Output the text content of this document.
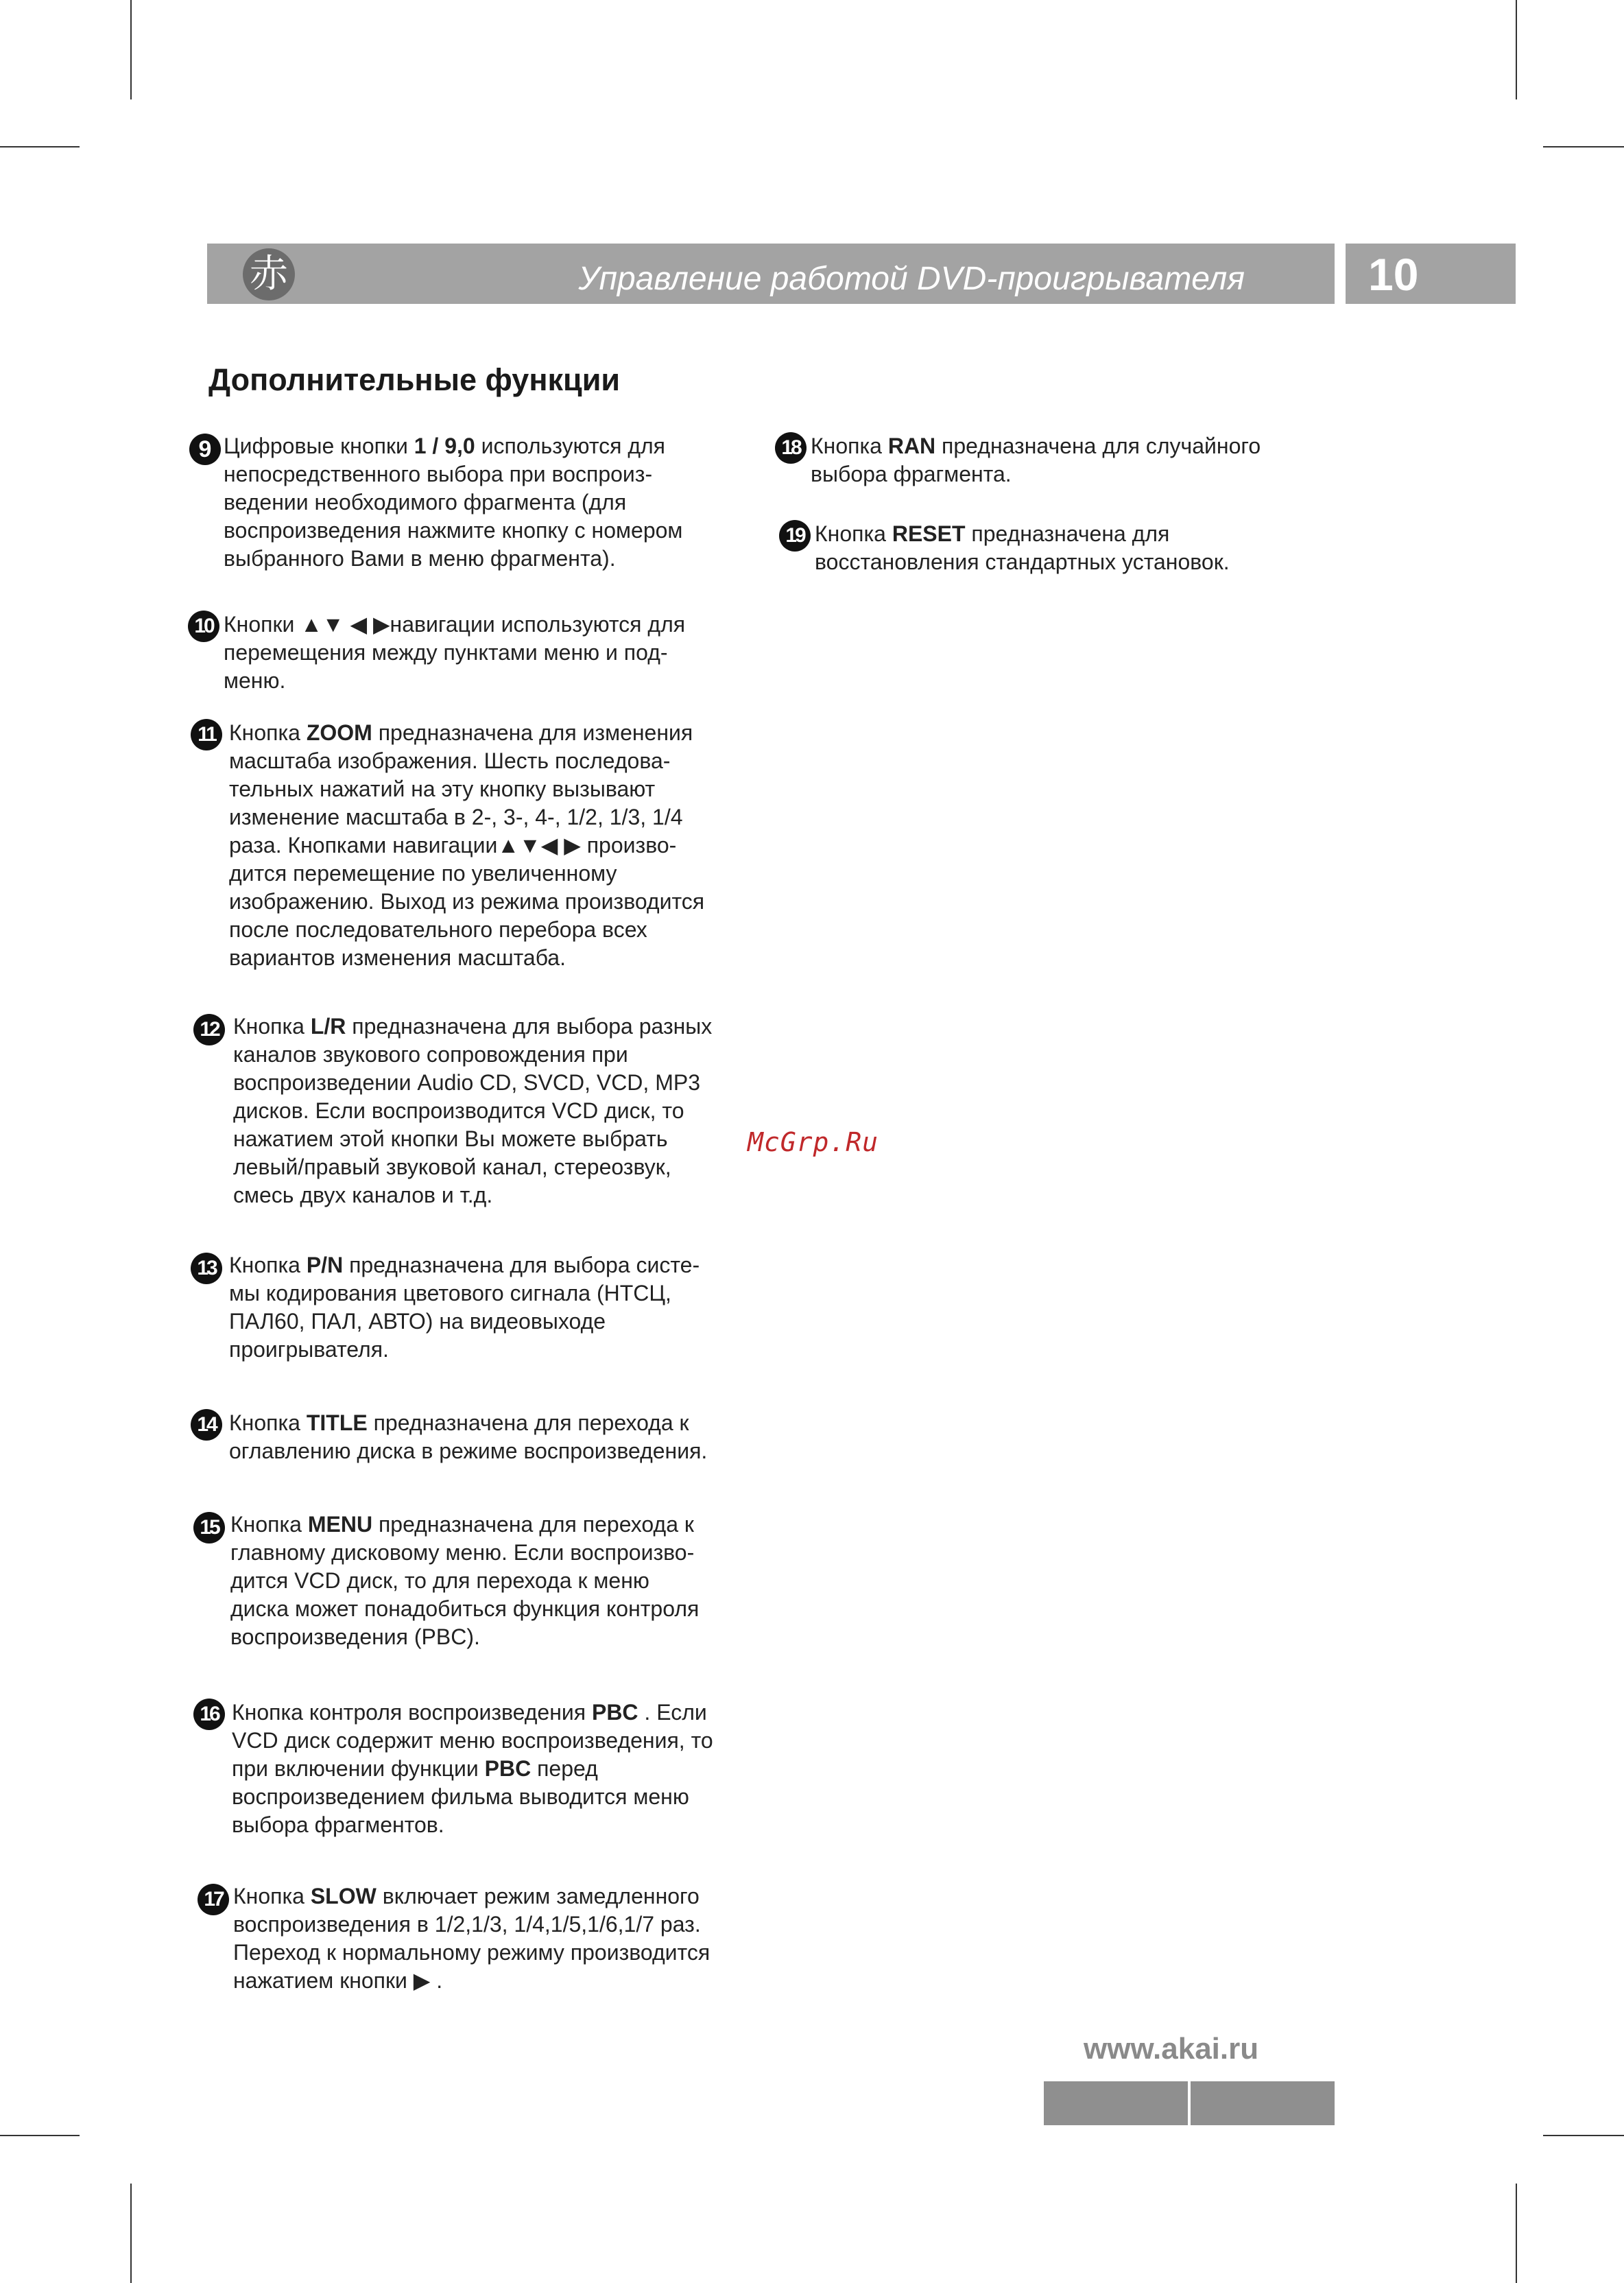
赤	Управление работой DVD-проигрывателя	10
Дополнительные функции
9 Цифровые кнопки 1 / 9,0 используются для
непосредственного выбора при воспроиз-
ведении необходимого фрагмента (для
воспроизведения нажмите кнопку с номером
выбранного Вами в меню фрагмента).
10 Кнопки ▲▼ ◀ ▶навигации используются для
перемещения между пунктами меню и под-
меню.
11 Кнопка ZOOM предназначена для изменения
масштаба изображения. Шесть последова-
тельных нажатий на эту кнопку вызывают
изменение масштаба в 2-, 3-, 4-, 1/2, 1/3, 1/4
раза. Кнопками навигации▲▼◀ ▶ произво-
дится перемещение по увеличенному
изображению. Выход из режима производится
после последовательного перебора всех
вариантов изменения масштаба.
12 Кнопка L/R предназначена для выбора разных
каналов звукового сопровождения при
воспроизведении Audio CD, SVCD, VCD, MP3
дисков. Если воспроизводится VCD диск, то
нажатием этой кнопки Вы можете выбрать
левый/правый звуковой канал, стереозвук,
смесь двух каналов и т.д.
13 Кнопка P/N предназначена для выбора систе-
мы кодирования цветового сигнала (НТСЦ,
ПАЛ60, ПАЛ, АВТО) на видеовыходе
проигрывателя.
14 Кнопка TITLE предназначена для перехода к
оглавлению диска в режиме воспроизведения.
15 Кнопка MENU предназначена для перехода к
главному дисковому меню. Если воспроизво-
дится VCD диск, то для перехода к меню
диска может понадобиться функция контроля
воспроизведения (PBC).
16 Кнопка контроля воспроизведения PBC . Если
VCD диск содержит меню воспроизведения, то
при включении функции PBC перед
воспроизведением фильма выводится меню
выбора фрагментов.
17 Кнопка SLOW включает режим замедленного
воспроизведения в 1/2,1/3, 1/4,1/5,1/6,1/7 раз.
Переход к нормальному режиму производится
нажатием кнопки ▶ .
18 Кнопка RAN предназначена для случайного
выбора фрагмента.
19 Кнопка RESET предназначена для
восстановления стандартных установок.
McGrp.Ru
www.akai.ru
